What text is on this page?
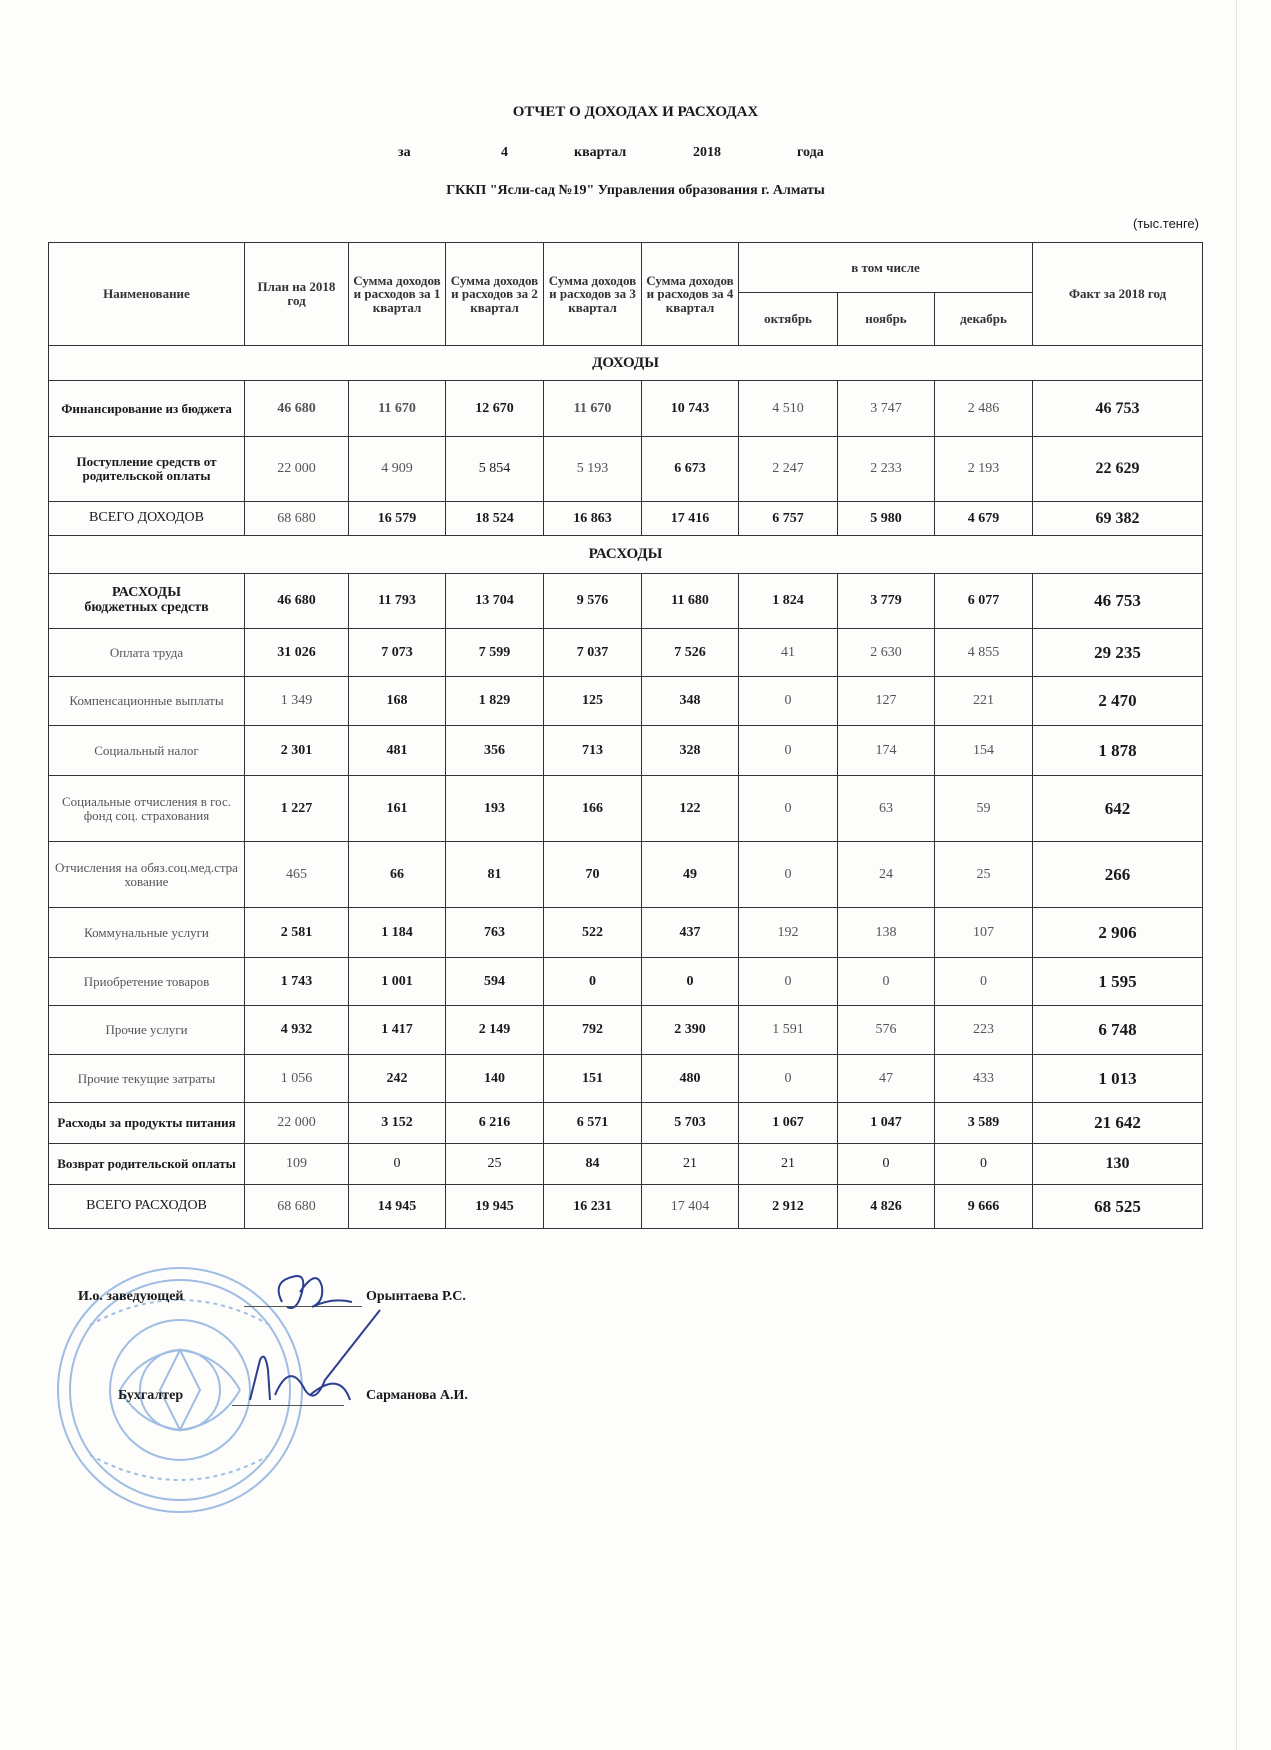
ОТЧЕТ О ДОХОДАХ И РАСХОДАХ
за	4	квартал	2018	года
ГККП "Ясли-сад №19" Управления образования г. Алматы
(тыс.тенге)
Наименование	План на 2018 год	Сумма доходов и расходов за 1 квартал	Сумма доходов и расходов за 2 квартал	Сумма доходов и расходов за 3 квартал	Сумма доходов и расходов за 4 квартал	в том числе			Факт за 2018 год
						октябрь	ноябрь	декабрь	
ДОХОДЫ									
Финансирование из бюджета	46 680	11 670	12 670	11 670	10 743	4 510	3 747	2 486	46 753
Поступление средств от родительской оплаты	22 000	4 909	5 854	5 193	6 673	2 247	2 233	2 193	22 629
ВСЕГО ДОХОДОВ	68 680	16 579	18 524	16 863	17 416	6 757	5 980	4 679	69 382
РАСХОДЫ									
РАСХОДЫ
бюджетных средств	46 680	11 793	13 704	9 576	11 680	1 824	3 779	6 077	46 753
Оплата труда	31 026	7 073	7 599	7 037	7 526	41	2 630	4 855	29 235
Компенсационные выплаты	1 349	168	1 829	125	348	0	127	221	2 470
Социальный налог	2 301	481	356	713	328	0	174	154	1 878
Социальные отчисления в гос. фонд соц. страхования	1 227	161	193	166	122	0	63	59	642
Отчисления на обяз.соц.мед.страхование	465	66	81	70	49	0	24	25	266
Коммунальные услуги	2 581	1 184	763	522	437	192	138	107	2 906
Приобретение товаров	1 743	1 001	594	0	0	0	0	0	1 595
Прочие услуги	4 932	1 417	2 149	792	2 390	1 591	576	223	6 748
Прочие текущие затраты	1 056	242	140	151	480	0	47	433	1 013
Расходы за продукты питания	22 000	3 152	6 216	6 571	5 703	1 067	1 047	3 589	21 642
Возврат родительской оплаты	109	0	25	84	21	21	0	0	130
ВСЕГО РАСХОДОВ	68 680	14 945	19 945	16 231	17 404	2 912	4 826	9 666	68 525
И.о. заведующей	Орынтаева Р.С.
Бухгалтер	Сарманова А.И.
